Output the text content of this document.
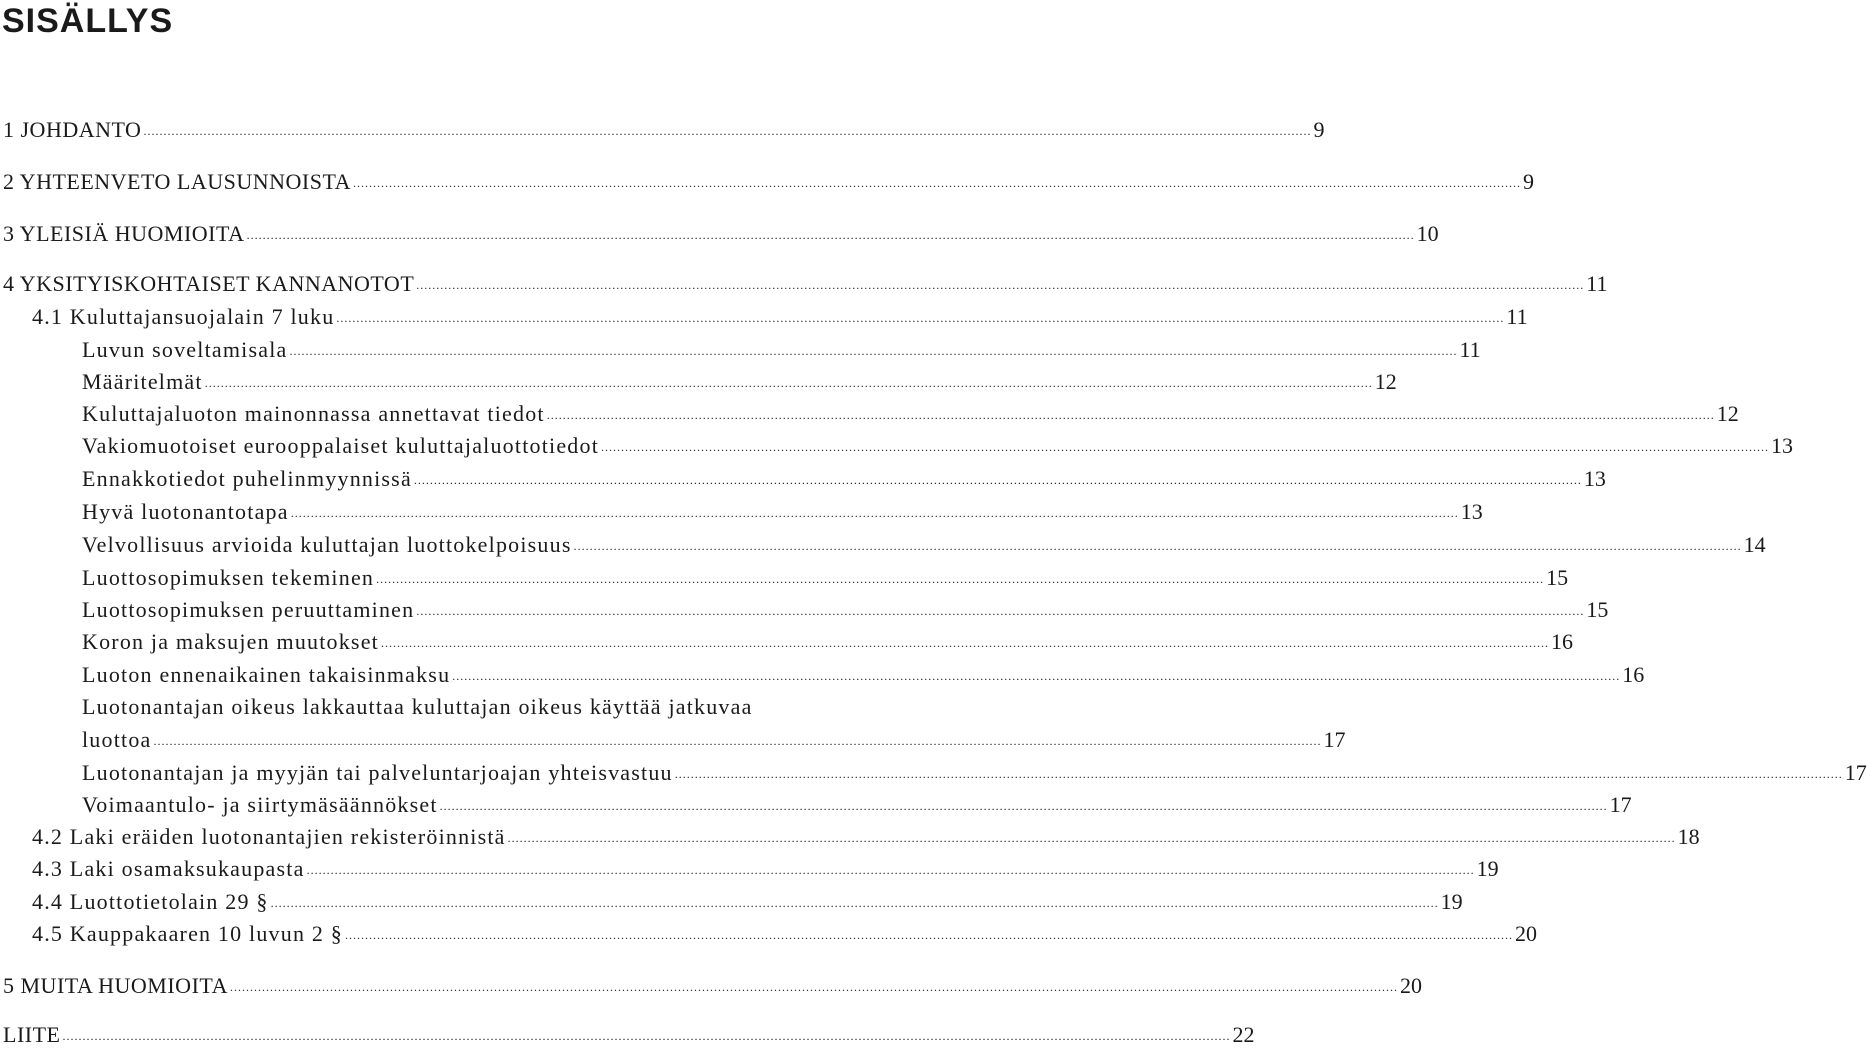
SISÄLLYS
1 JOHDANTO .....	9
2 YHTEENVETO LAUSUNNOISTA .....	9
3 YLEISIÄ HUOMIOITA .....	10
4 YKSITYISKOHTAISET KANNANOTOT .....	11
4.1 Kuluttajansuojalain 7 luku .....	11
Luvun soveltamisala .....	11
Määritelmät .....	12
Kuluttajaluoton mainonnassa annettavat tiedot .....	12
Vakiomuotoiset eurooppalaiset kuluttajaluottotiedot .....	13
Ennakkotiedot puhelinmyynnissä .....	13
Hyvä luotonantotapa .....	13
Velvollisuus arvioida kuluttajan luottokelpoisuus .....	14
Luottosopimuksen tekeminen .....	15
Luottosopimuksen peruuttaminen .....	15
Koron ja maksujen muutokset .....	16
Luoton ennenaikainen takaisinmaksu .....	16
Luotonantajan oikeus lakkauttaa kuluttajan oikeus käyttää jatkuvaa
luottoa .....	17
Luotonantajan ja myyjän tai palveluntarjoajan yhteisvastuu .....	17
Voimaantulo- ja siirtymäsäännökset .....	17
4.2 Laki eräiden luotonantajien rekisteröinnistä .....	18
4.3 Laki osamaksukaupasta .....	19
4.4 Luottotietolain 29 § .....	19
4.5 Kauppakaaren 10 luvun 2 § .....	20
5 MUITA HUOMIOITA .....	20
LIITE .....	22
